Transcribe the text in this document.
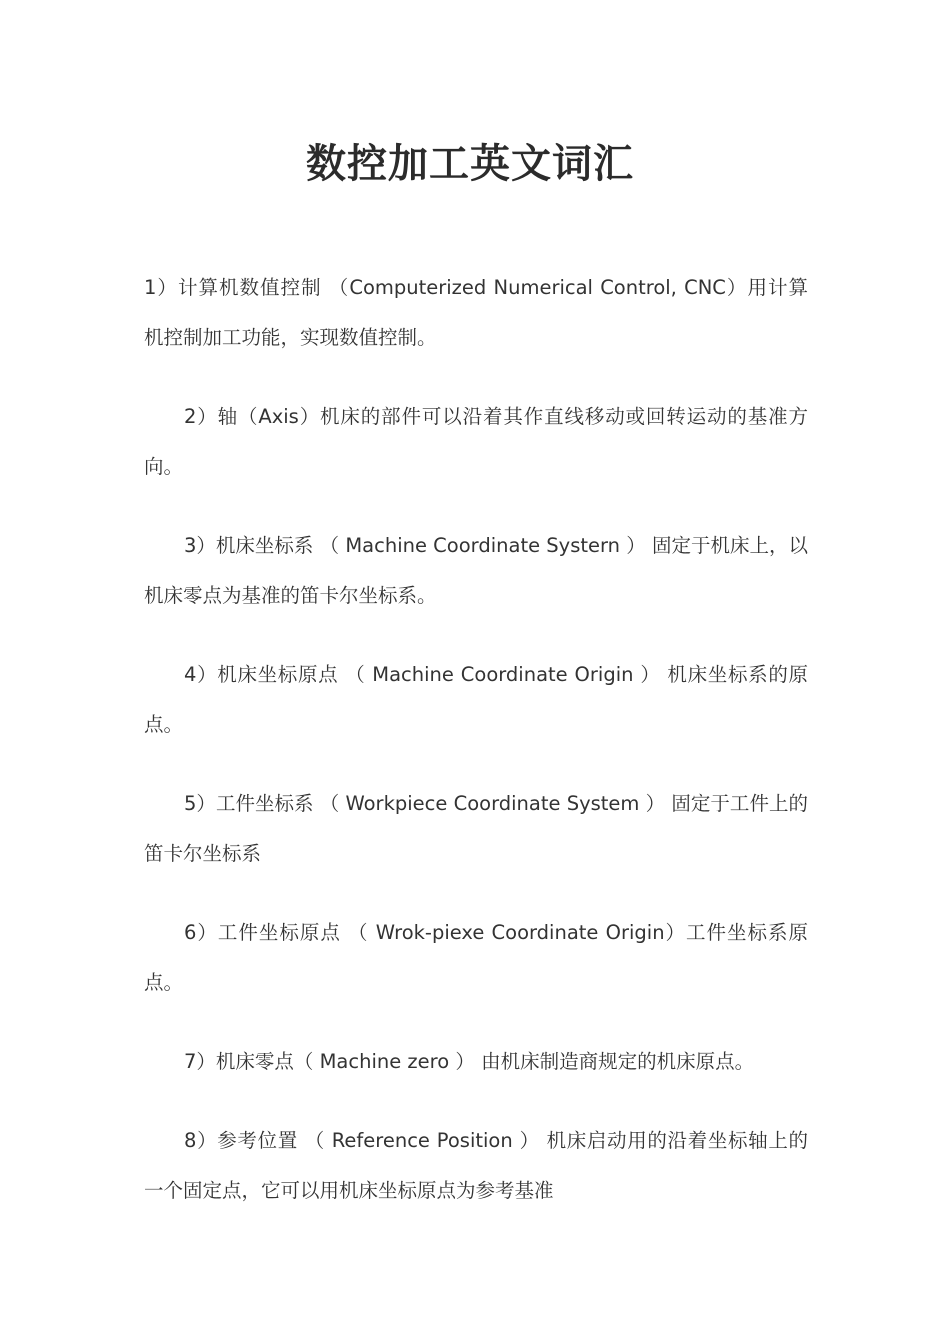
数控加工英文词汇

1）计算机数值控制 （Computerized Numerical Control, CNC）用计算机控制加工功能，实现数值控制。

2）轴（Axis）机床的部件可以沿着其作直线移动或回转运动的基准方向。

3）机床坐标系 （ Machine Coordinate Systern ） 固定于机床上，以机床零点为基准的笛卡尔坐标系。

4）机床坐标原点 （ Machine Coordinate Origin ） 机床坐标系的原点。

5）工件坐标系 （ Workpiece Coordinate System ） 固定于工件上的笛卡尔坐标系

6）工件坐标原点 （ Wrok-piexe Coordinate Origin）工件坐标系原点。

7）机床零点（ Machine zero ） 由机床制造商规定的机床原点。

8）参考位置 （ Reference Position ） 机床启动用的沿着坐标轴上的一个固定点，它可以用机床坐标原点为参考基准
